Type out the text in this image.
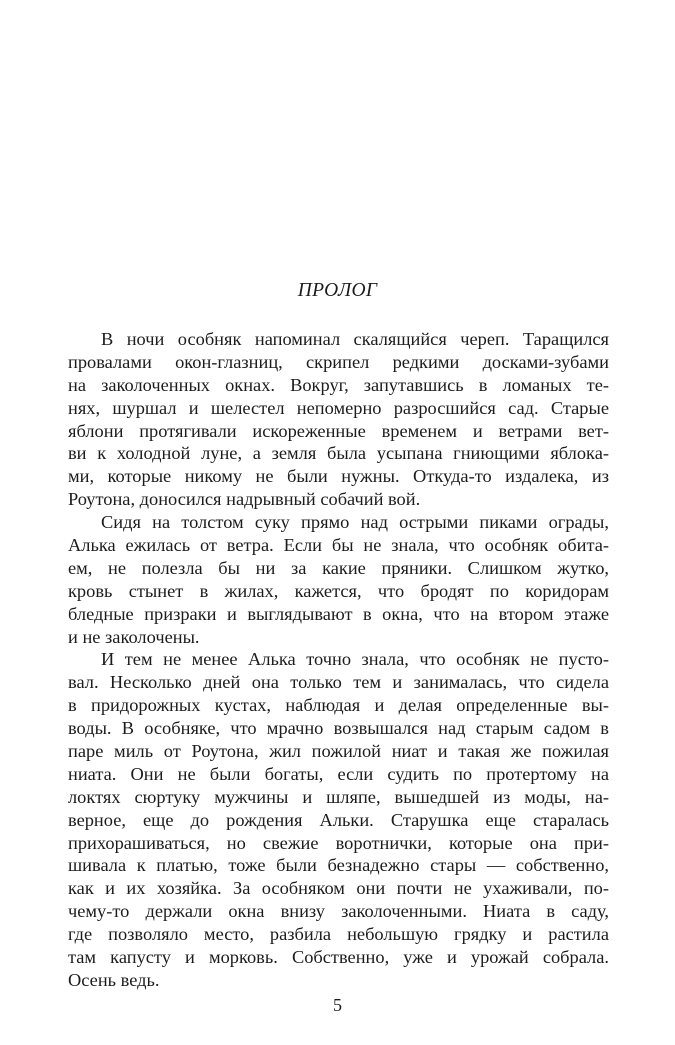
ПРОЛОГ
В ночи особняк напоминал скалящийся череп. Таращился
провалами окон-глазниц, скрипел редкими досками-зубами
на заколоченных окнах. Вокруг, запутавшись в ломаных те-
нях, шуршал и шелестел непомерно разросшийся сад. Старые
яблони протягивали искореженные временем и ветрами вет-
ви к холодной луне, а земля была усыпана гниющими яблока-
ми, которые никому не были нужны. Откуда-то издалека, из
Роутона, доносился надрывный собачий вой.
Сидя на толстом суку прямо над острыми пиками ограды,
Алька ежилась от ветра. Если бы не знала, что особняк обита-
ем, не полезла бы ни за какие пряники. Слишком жутко,
кровь стынет в жилах, кажется, что бродят по коридорам
бледные призраки и выглядывают в окна, что на втором этаже
и не заколочены.
И тем не менее Алька точно знала, что особняк не пусто-
вал. Несколько дней она только тем и занималась, что сидела
в придорожных кустах, наблюдая и делая определенные вы-
воды. В особняке, что мрачно возвышался над старым садом в
паре миль от Роутона, жил пожилой ниат и такая же пожилая
ниата. Они не были богаты, если судить по протертому на
локтях сюртуку мужчины и шляпе, вышедшей из моды, на-
верное, еще до рождения Альки. Старушка еще старалась
прихорашиваться, но свежие воротнички, которые она при-
шивала к платью, тоже были безнадежно стары — собственно,
как и их хозяйка. За особняком они почти не ухаживали, по-
чему-то держали окна внизу заколоченными. Ниата в саду,
где позволяло место, разбила небольшую грядку и растила
там капусту и морковь. Собственно, уже и урожай собрала.
Осень ведь.
5
